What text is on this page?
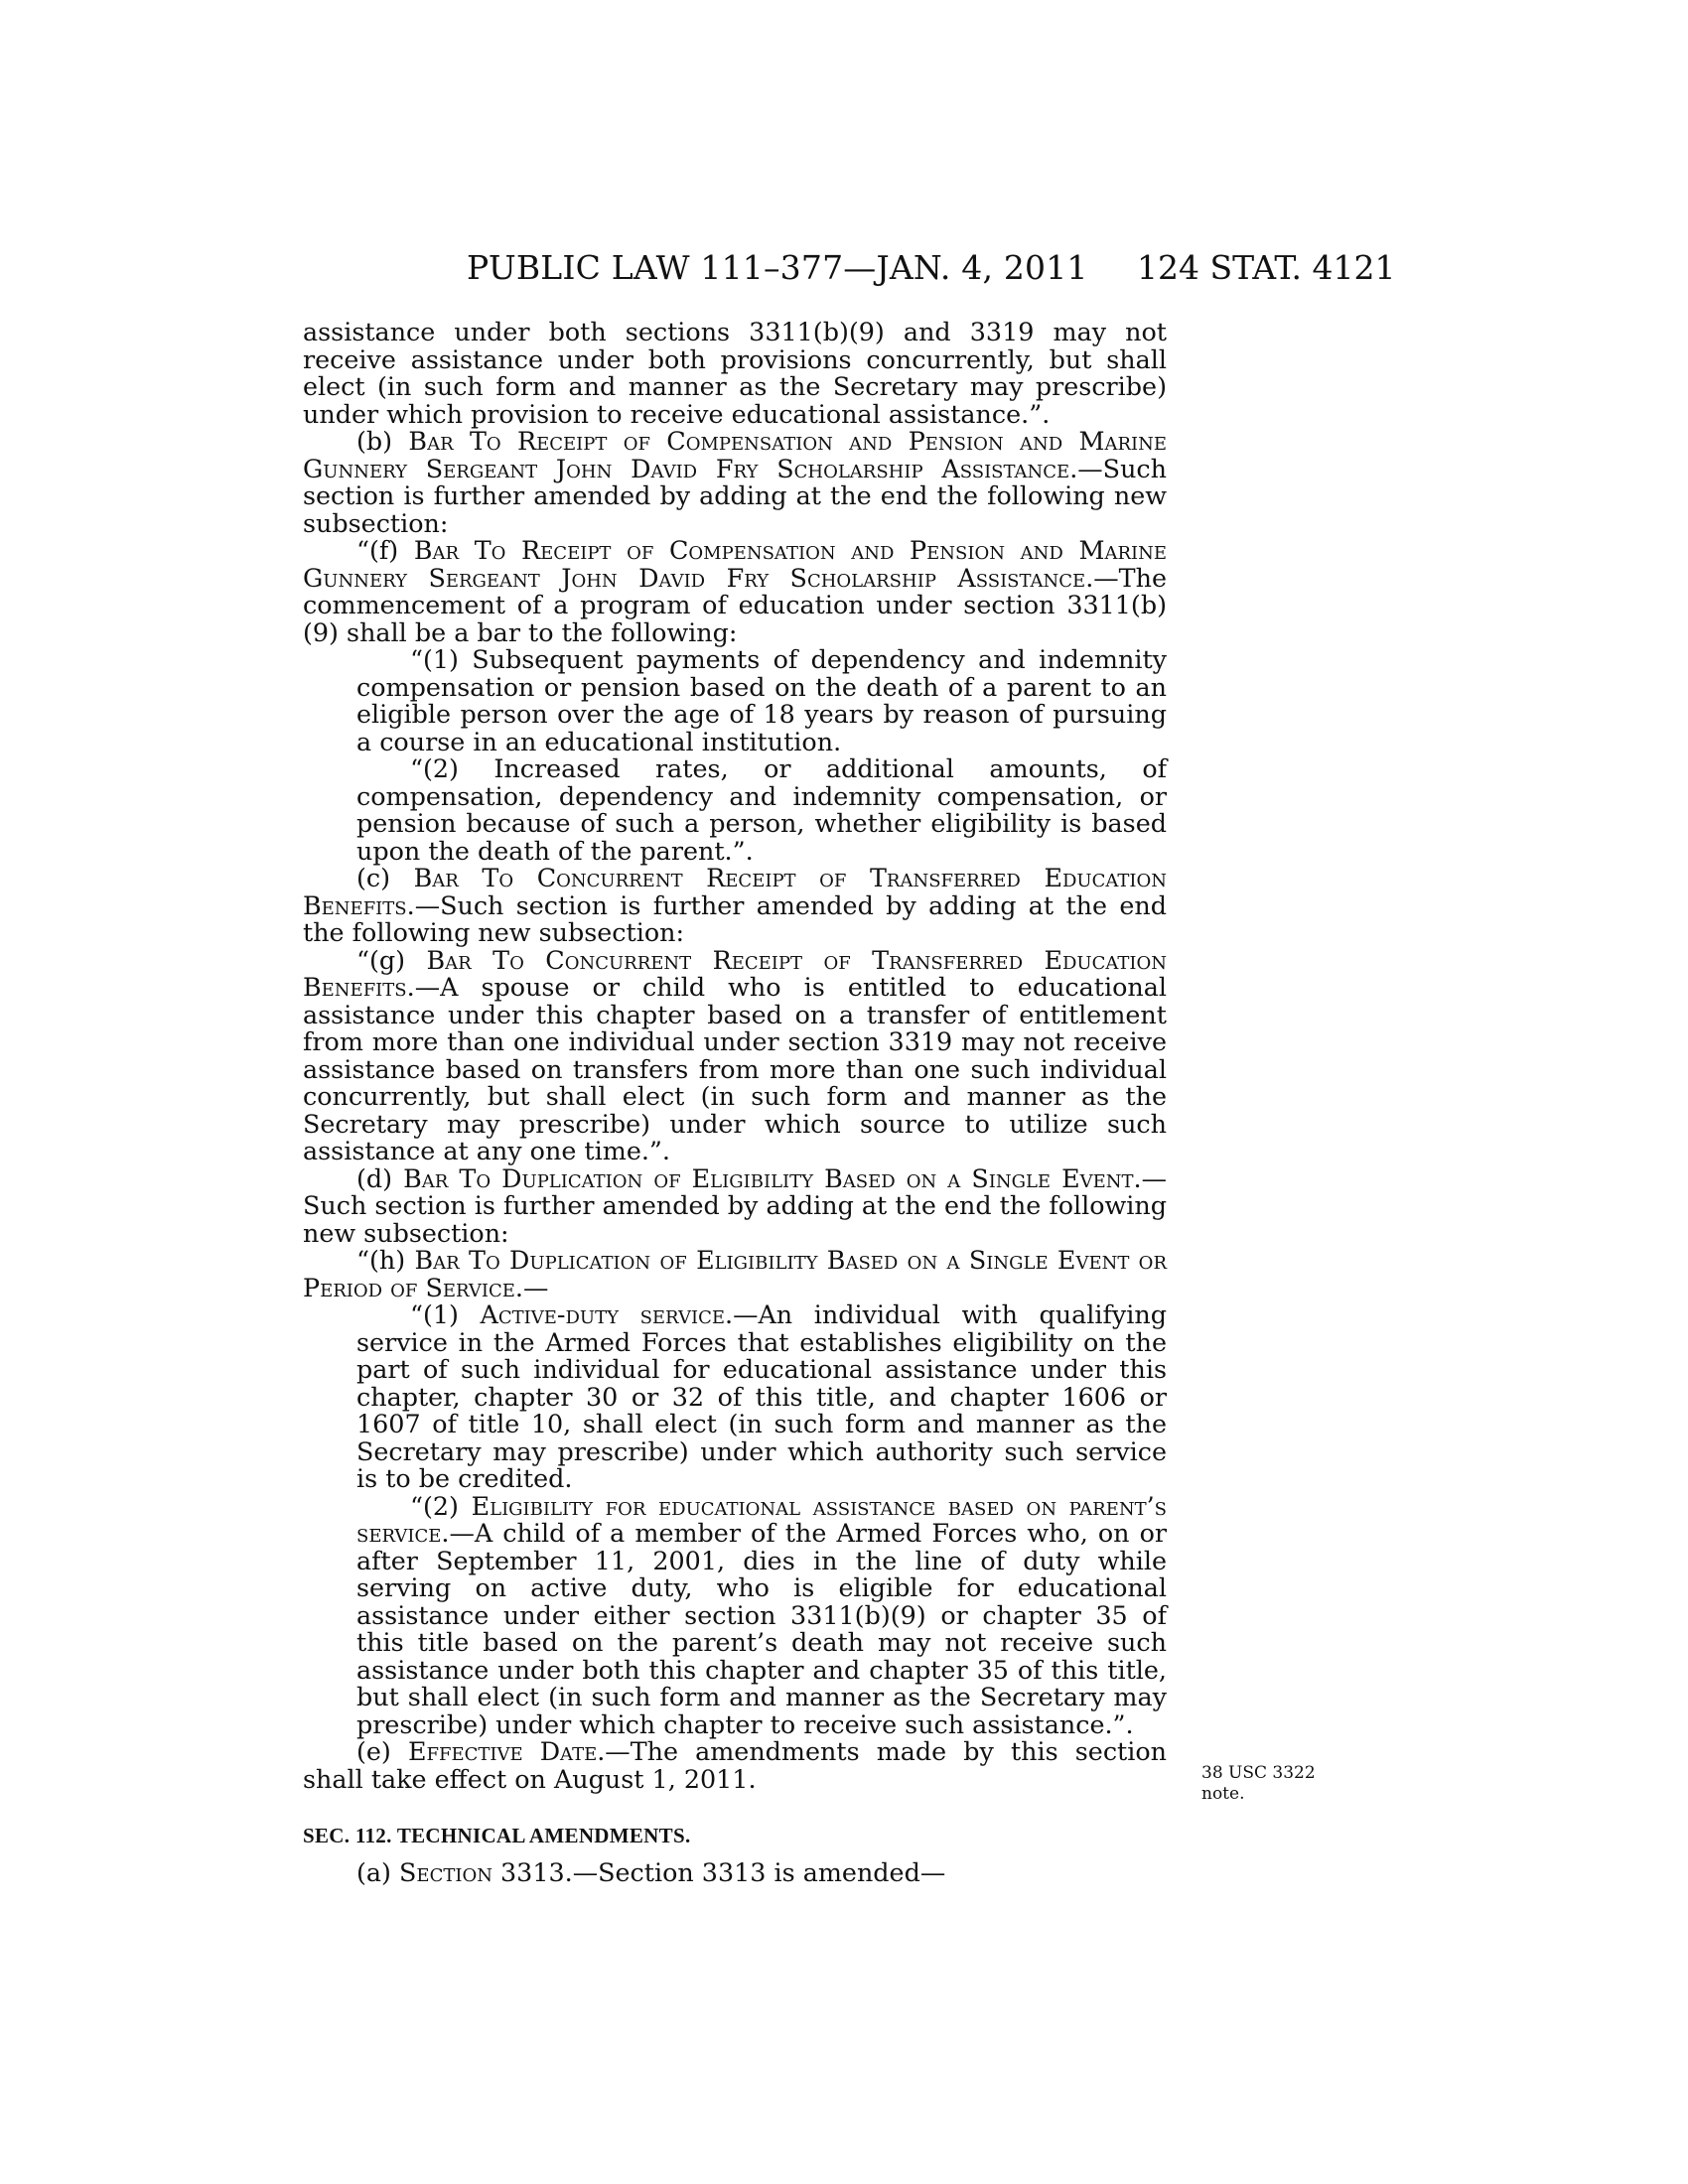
PUBLIC LAW 111–377—JAN. 4, 2011 124 STAT. 4121

assistance under both sections 3311(b)(9) and 3319 may not receive assistance under both provisions concurrently, but shall elect (in such form and manner as the Secretary may prescribe) under which provision to receive educational assistance.”.

(b) Bar To Receipt of Compensation and Pension and Marine Gunnery Sergeant John David Fry Scholarship Assistance.—Such section is further amended by adding at the end the following new subsection:

“(f) Bar To Receipt of Compensation and Pension and Marine Gunnery Sergeant John David Fry Scholarship Assistance.—The commencement of a program of education under section 3311(b)(9) shall be a bar to the following:

“(1) Subsequent payments of dependency and indemnity compensation or pension based on the death of a parent to an eligible person over the age of 18 years by reason of pursuing a course in an educational institution.

“(2) Increased rates, or additional amounts, of compensation, dependency and indemnity compensation, or pension because of such a person, whether eligibility is based upon the death of the parent.”.

(c) Bar To Concurrent Receipt of Transferred Education Benefits.—Such section is further amended by adding at the end the following new subsection:

“(g) Bar To Concurrent Receipt of Transferred Education Benefits.—A spouse or child who is entitled to educational assistance under this chapter based on a transfer of entitlement from more than one individual under section 3319 may not receive assistance based on transfers from more than one such individual concurrently, but shall elect (in such form and manner as the Secretary may prescribe) under which source to utilize such assistance at any one time.”.

(d) Bar To Duplication of Eligibility Based on a Single Event.—Such section is further amended by adding at the end the following new subsection:

“(h) Bar To Duplication of Eligibility Based on a Single Event or Period of Service.—

“(1) Active-duty service.—An individual with qualifying service in the Armed Forces that establishes eligibility on the part of such individual for educational assistance under this chapter, chapter 30 or 32 of this title, and chapter 1606 or 1607 of title 10, shall elect (in such form and manner as the Secretary may prescribe) under which authority such service is to be credited.

“(2) Eligibility for educational assistance based on parent’s service.—A child of a member of the Armed Forces who, on or after September 11, 2001, dies in the line of duty while serving on active duty, who is eligible for educational assistance under either section 3311(b)(9) or chapter 35 of this title based on the parent’s death may not receive such assistance under both this chapter and chapter 35 of this title, but shall elect (in such form and manner as the Secretary may prescribe) under which chapter to receive such assistance.”.

(e) Effective Date.—The amendments made by this section shall take effect on August 1, 2011.

SEC. 112. TECHNICAL AMENDMENTS.

(a) Section 3313.—Section 3313 is amended—

38 USC 3322
note.
